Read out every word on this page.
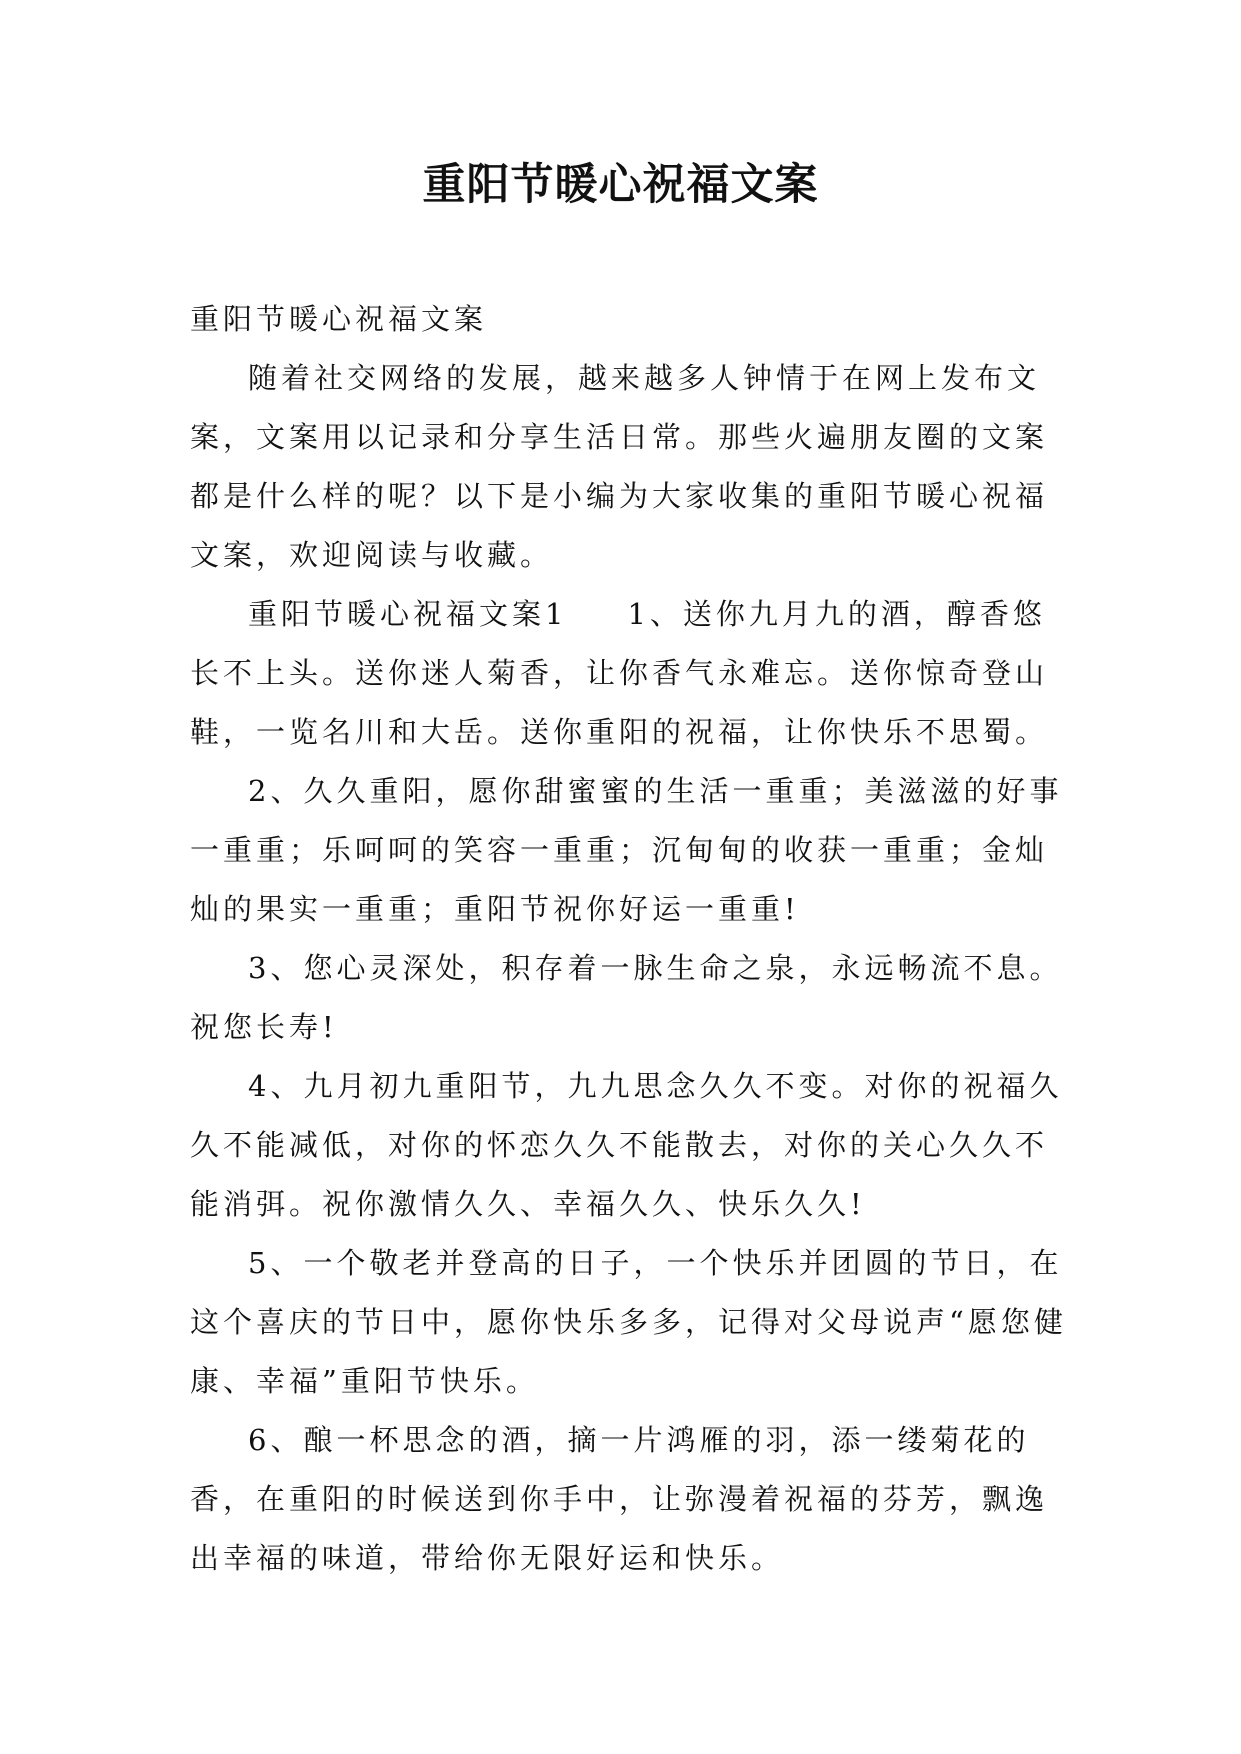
重阳节暖心祝福文案

重阳节暖心祝福文案

随着社交网络的发展，越来越多人钟情于在网上发布文案，文案用以记录和分享生活日常。那些火遍朋友圈的文案都是什么样的呢？以下是小编为大家收集的重阳节暖心祝福文案，欢迎阅读与收藏。

重阳节暖心祝福文案1 1、送你九月九的酒，醇香悠长不上头。送你迷人菊香，让你香气永难忘。送你惊奇登山鞋，一览名川和大岳。送你重阳的祝福，让你快乐不思蜀。

2、久久重阳，愿你甜蜜蜜的生活一重重；美滋滋的好事一重重；乐呵呵的笑容一重重；沉甸甸的收获一重重；金灿灿的果实一重重；重阳节祝你好运一重重!

3、您心灵深处，积存着一脉生命之泉，永远畅流不息。祝您长寿!

4、九月初九重阳节，九九思念久久不变。对你的祝福久久不能减低，对你的怀恋久久不能散去，对你的关心久久不能消弭。祝你激情久久、幸福久久、快乐久久!

5、一个敬老并登高的日子，一个快乐并团圆的节日，在这个喜庆的节日中，愿你快乐多多，记得对父母说声“愿您健康、幸福”重阳节快乐。

6、酿一杯思念的酒，摘一片鸿雁的羽，添一缕菊花的香，在重阳的时候送到你手中，让弥漫着祝福的芬芳，飘逸出幸福的味道，带给你无限好运和快乐。
